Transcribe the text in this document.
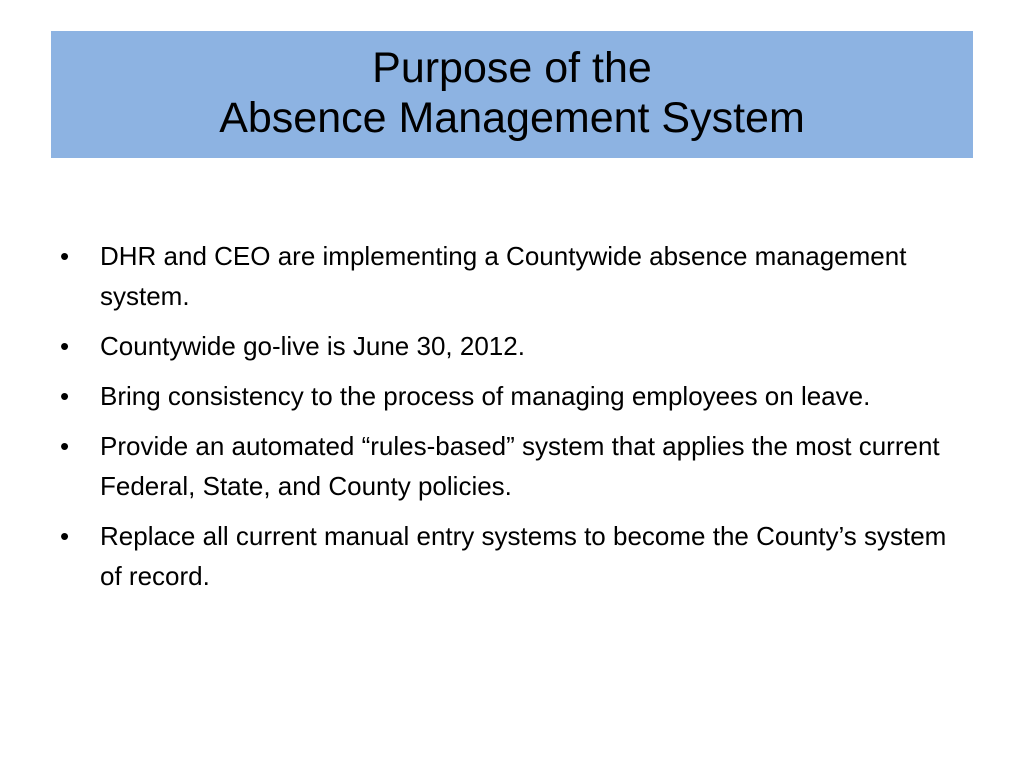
Purpose of the
Absence Management System
•	DHR and CEO are implementing a Countywide absence management system.
•	Countywide go-live is June 30, 2012.
•	Bring consistency to the process of managing employees on leave.
•	Provide an automated “rules-based” system that applies the most current Federal, State, and County policies.
•	Replace all current manual entry systems to become the County’s system of record.
